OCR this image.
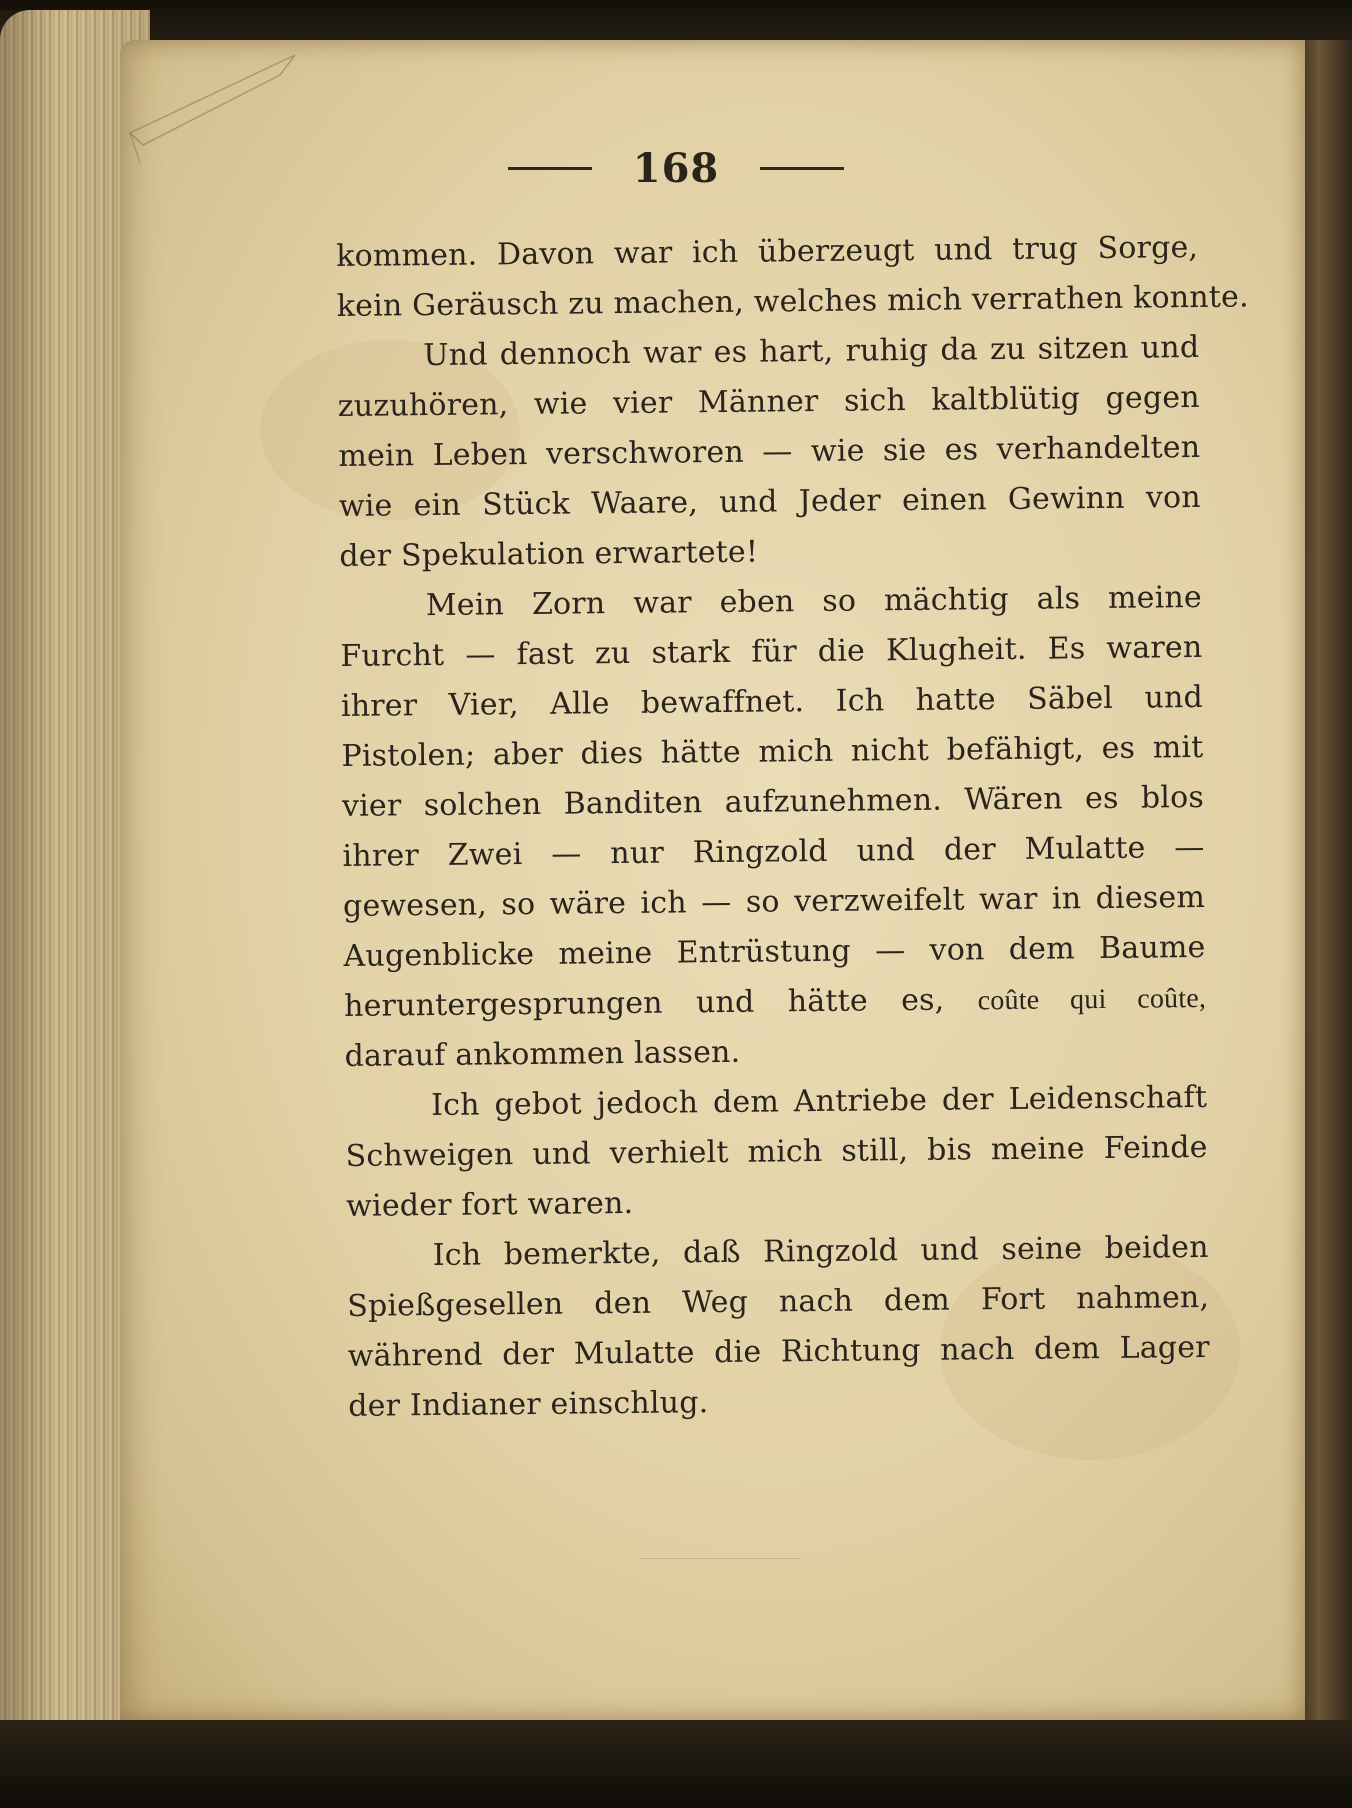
168
kommen. Davon war ich überzeugt und trug Sorge,
kein Geräusch zu machen, welches mich verrathen konnte.
Und dennoch war es hart, ruhig da zu sitzen und
zuzuhören, wie vier Männer sich kaltblütig gegen
mein Leben verschworen — wie sie es verhandelten
wie ein Stück Waare, und Jeder einen Gewinn von
der Spekulation erwartete!
Mein Zorn war eben so mächtig als meine
Furcht — fast zu stark für die Klugheit. Es waren
ihrer Vier, Alle bewaffnet. Ich hatte Säbel und
Pistolen; aber dies hätte mich nicht befähigt, es mit
vier solchen Banditen aufzunehmen. Wären es blos
ihrer Zwei — nur Ringzold und der Mulatte —
gewesen, so wäre ich — so verzweifelt war in diesem
Augenblicke meine Entrüstung — von dem Baume
heruntergesprungen und hätte es, coûte qui coûte,
darauf ankommen lassen.
Ich gebot jedoch dem Antriebe der Leidenschaft
Schweigen und verhielt mich still, bis meine Feinde
wieder fort waren.
Ich bemerkte, daß Ringzold und seine beiden
Spießgesellen den Weg nach dem Fort nahmen,
während der Mulatte die Richtung nach dem Lager
der Indianer einschlug.
